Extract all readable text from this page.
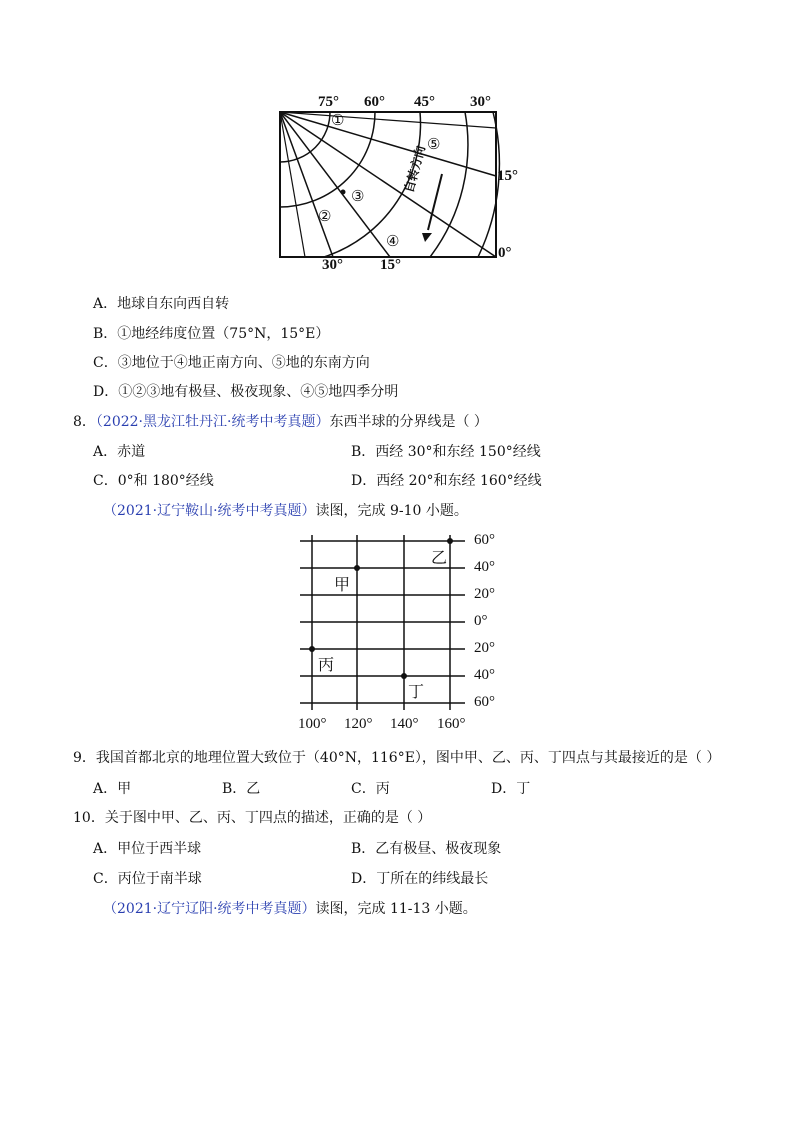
75° 60° 45° 30°
15°
30° 15°
0°
①
⑤
③
②
④
自转方向
A．地球自东向西自转
B．①地经纬度位置（75°N，15°E）
C．③地位于④地正南方向、⑤地的东南方向
D．①②③地有极昼、极夜现象、④⑤地四季分明
8．（2022·黑龙江牡丹江·统考中考真题）东西半球的分界线是（ ）
A．赤道	B．西经 30°和东经 150°经线
C．0°和 180°经线	D．西经 20°和东经 160°经线
（2021·辽宁鞍山·统考中考真题）读图，完成 9-10 小题。
60°
40°
20°
0°
20°
40°
60°
100° 120° 140° 160°
乙
甲
丙
丁
9．我国首都北京的地理位置大致位于（40°N，116°E），图中甲、乙、丙、丁四点与其最接近的是（ ）
A．甲	B．乙	C．丙	D．丁
10．关于图中甲、乙、丙、丁四点的描述，正确的是（ ）
A．甲位于西半球	B．乙有极昼、极夜现象
C．丙位于南半球	D．丁所在的纬线最长
（2021·辽宁辽阳·统考中考真题）读图，完成 11-13 小题。
